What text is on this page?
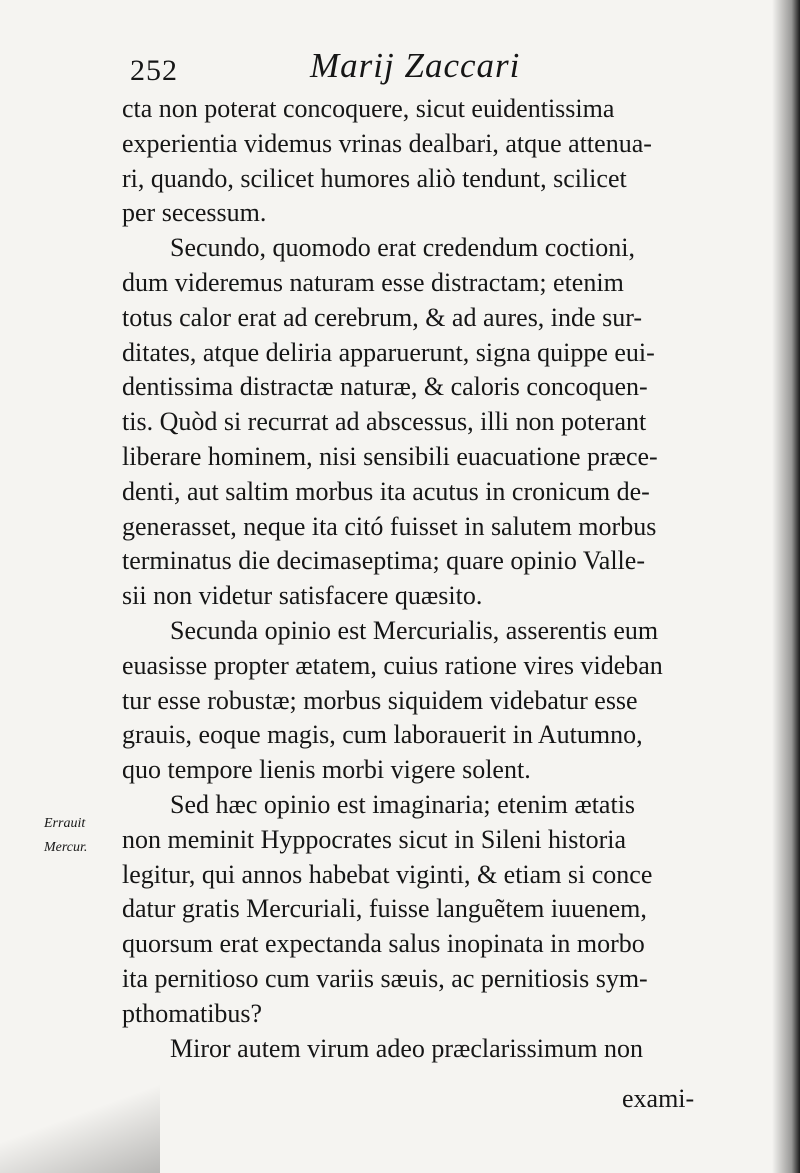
252	Marij Zaccari
Errauit
Mercur.
cta non poterat concoquere, sicut euidentissima
experientia videmus vrinas dealbari, atque attenua-
ri, quando, scilicet humores aliò tendunt, scilicet
per secessum.
Secundo, quomodo erat credendum coctioni,
dum videremus naturam esse distractam; etenim
totus calor erat ad cerebrum, & ad aures, inde sur-
ditates, atque deliria apparuerunt, signa quippe eui-
dentissima distractæ naturæ, & caloris concoquen-
tis. Quòd si recurrat ad abscessus, illi non poterant
liberare hominem, nisi sensibili euacuatione præce-
denti, aut saltim morbus ita acutus in cronicum de-
generasset, neque ita citó fuisset in salutem morbus
terminatus die decimaseptima; quare opinio Valle-
sii non videtur satisfacere quæsito.
Secunda opinio est Mercurialis, asserentis eum
euasisse propter ætatem, cuius ratione vires videban
tur esse robustæ; morbus siquidem videbatur esse
grauis, eoque magis, cum laborauerit in Autumno,
quo tempore lienis morbi vigere solent.
Sed hæc opinio est imaginaria; etenim ætatis
non meminit Hyppocrates sicut in Sileni historia
legitur, qui annos habebat viginti, & etiam si conce
datur gratis Mercuriali, fuisse languẽtem iuuenem,
quorsum erat expectanda salus inopinata in morbo
ita pernitioso cum variis sæuis, ac pernitiosis sym-
pthomatibus?
Miror autem virum adeo præclarissimum non
exami-
